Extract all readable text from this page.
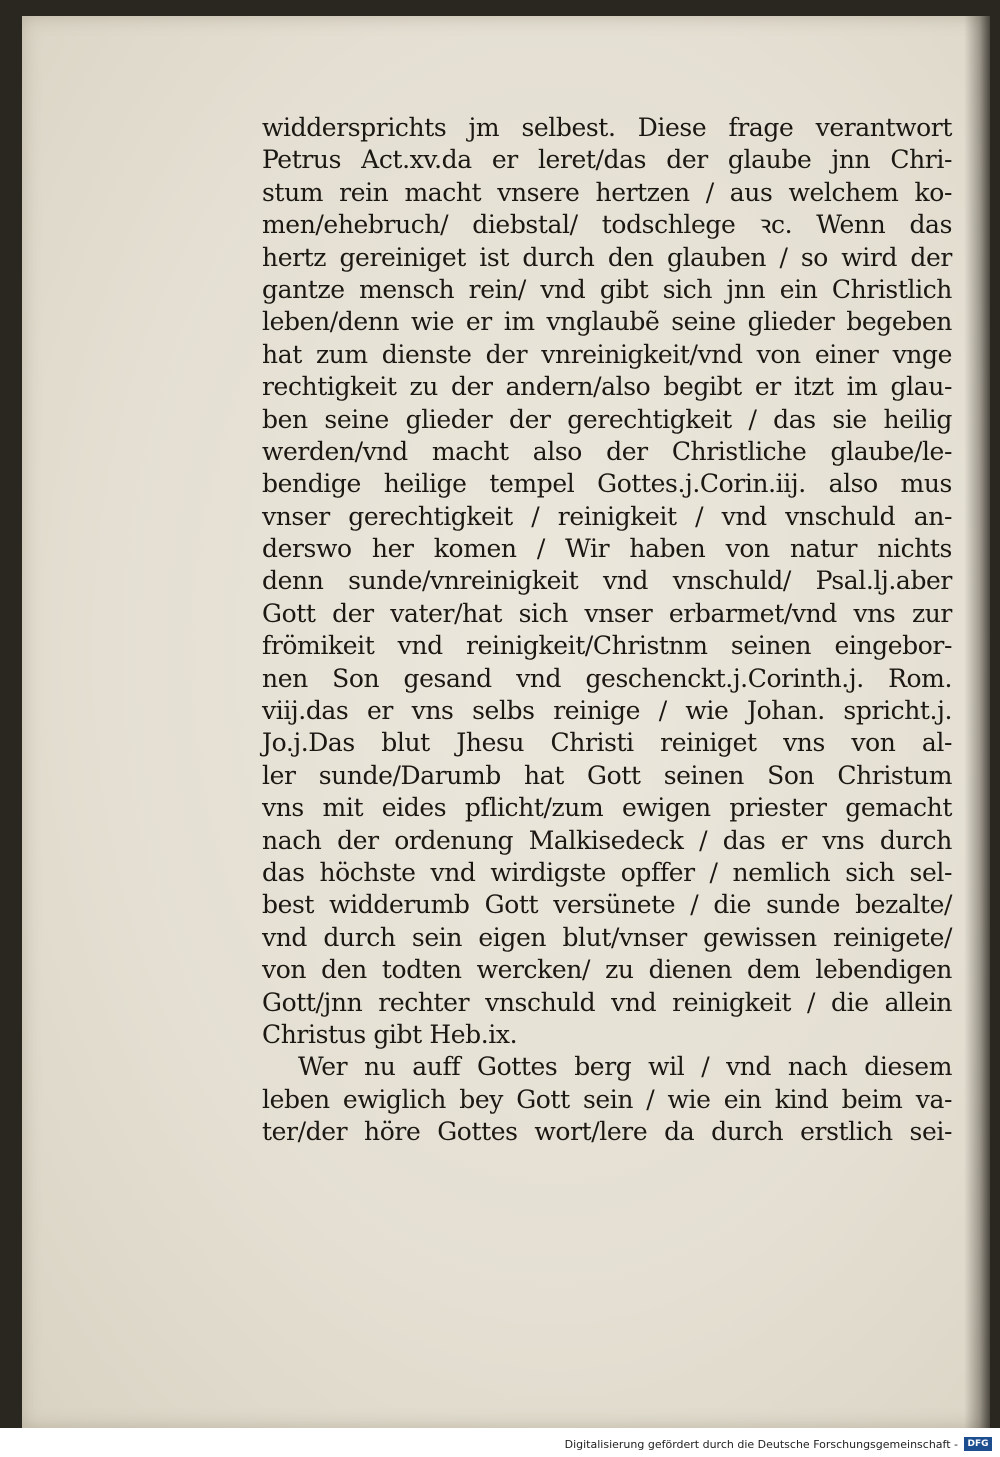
widdersprichts jm selbest. Diese frage verantwort
Petrus Act.xv.da er leret/das der glaube jnn Chri-
stum rein macht vnsere hertzen / aus welchem ko-
men/ehebruch/ diebstal/ todschlege ꝛc. Wenn das
hertz gereiniget ist durch den glauben / so wird der
gantze mensch rein/ vnd gibt sich jnn ein Christlich
leben/denn wie er im vnglaubẽ seine glieder begeben
hat zum dienste der vnreinigkeit/vnd von einer vnge
rechtigkeit zu der andern/also begibt er itzt im glau-
ben seine glieder der gerechtigkeit / das sie heilig
werden/vnd macht also der Christliche glaube/le-
bendige heilige tempel Gottes.j.Corin.iij. also mus
vnser gerechtigkeit / reinigkeit / vnd vnschuld an-
derswo her komen / Wir haben von natur nichts
denn sunde/vnreinigkeit vnd vnschuld/ Psal.lj.aber
Gott der vater/hat sich vnser erbarmet/vnd vns zur
frömikeit vnd reinigkeit/Christnm seinen eingebor-
nen Son gesand vnd geschenckt.j.Corinth.j. Rom.
viij.das er vns selbs reinige / wie Johan. spricht.j.
Jo.j.Das blut Jhesu Christi reiniget vns von al-
ler sunde/Darumb hat Gott seinen Son Christum
vns mit eides pflicht/zum ewigen priester gemacht
nach der ordenung Malkisedeck / das er vns durch
das höchste vnd wirdigste opffer / nemlich sich sel-
best widderumb Gott versünete / die sunde bezalte/
vnd durch sein eigen blut/vnser gewissen reinigete/
von den todten wercken/ zu dienen dem lebendigen
Gott/jnn rechter vnschuld vnd reinigkeit / die allein
Christus gibt Heb.ix.
Wer nu auff Gottes berg wil / vnd nach diesem
leben ewiglich bey Gott sein / wie ein kind beim va-
ter/der höre Gottes wort/lere da durch erstlich sei-
Digitalisierung gefördert durch die Deutsche Forschungsgemeinschaft -	DFG
